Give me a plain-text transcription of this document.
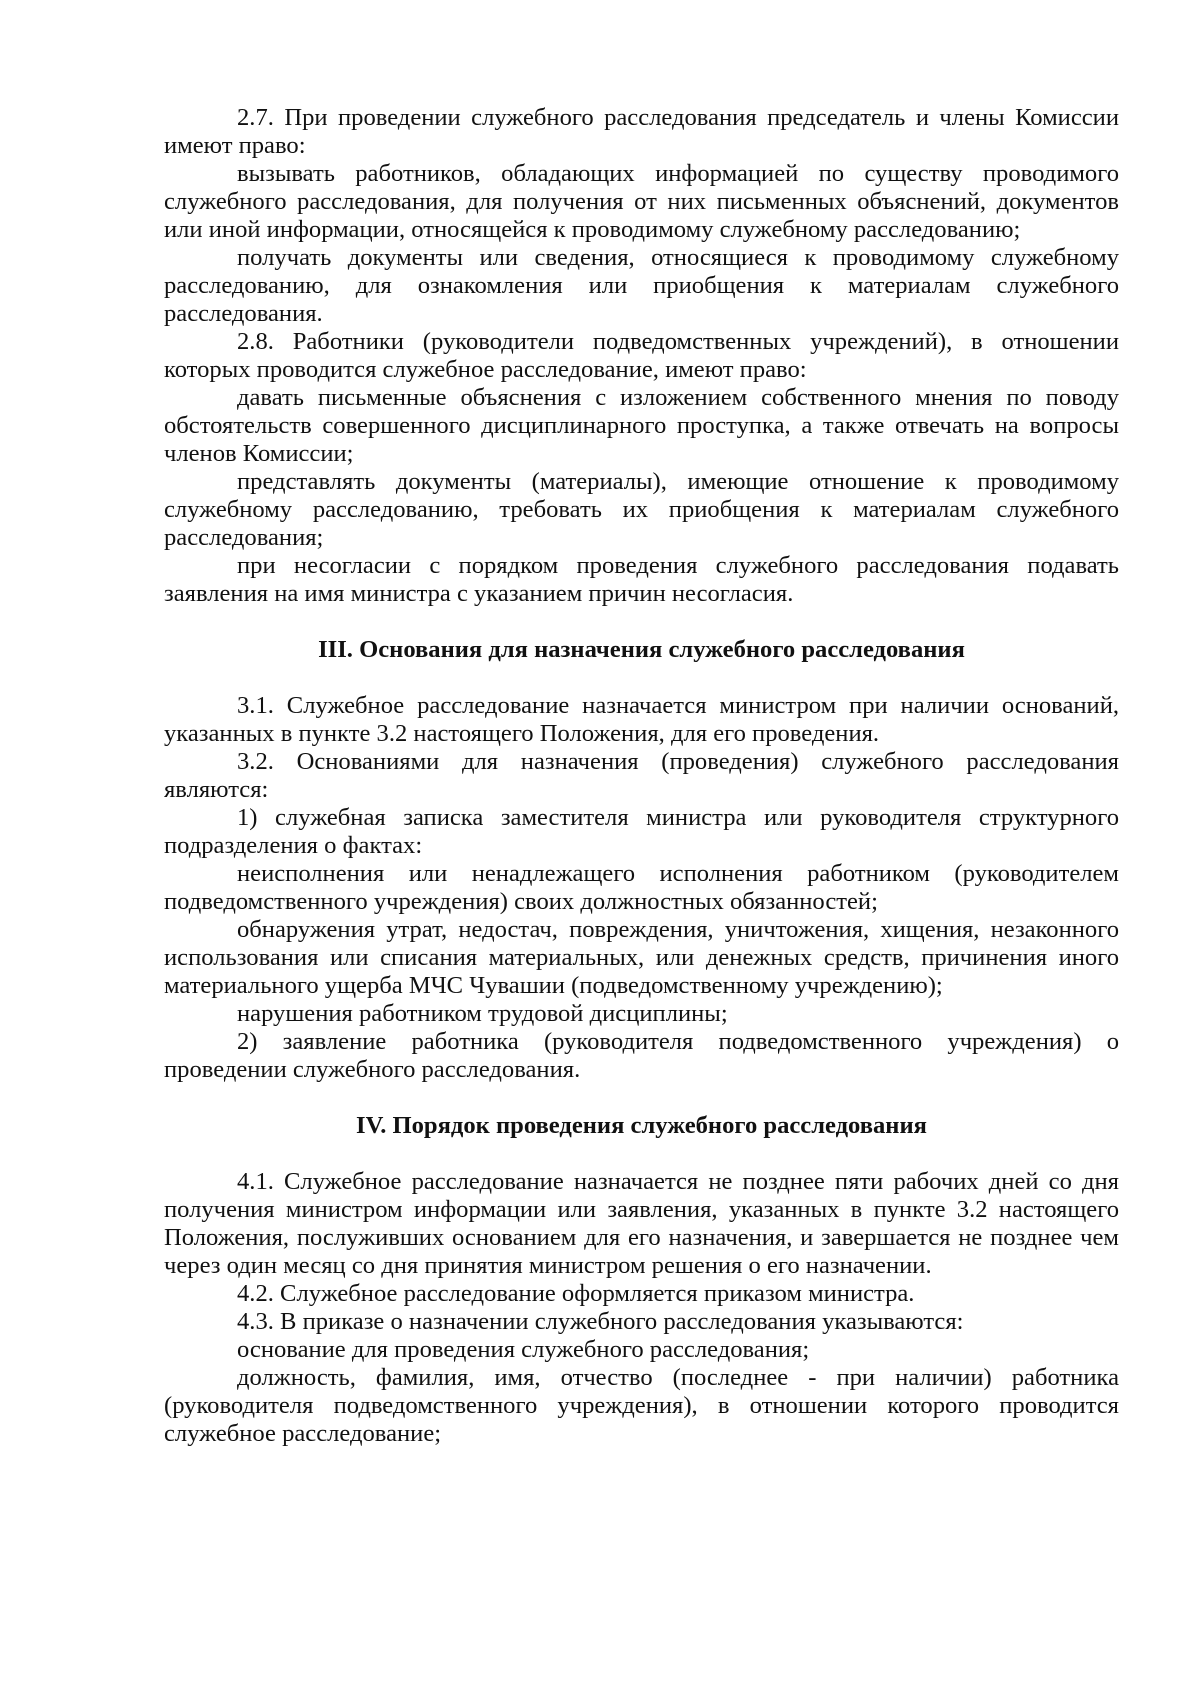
2.7. При проведении служебного расследования председатель и члены Комиссии имеют право:

вызывать работников, обладающих информацией по существу проводимого служебного расследования, для получения от них письменных объяснений, документов или иной информации, относящейся к проводимому служебному расследованию;

получать документы или сведения, относящиеся к проводимому служебному расследованию, для ознакомления или приобщения к материалам служебного расследования.

2.8. Работники (руководители подведомственных учреждений), в отношении которых проводится служебное расследование, имеют право:

давать письменные объяснения с изложением собственного мнения по поводу обстоятельств совершенного дисциплинарного проступка, а также отвечать на вопросы членов Комиссии;

представлять документы (материалы), имеющие отношение к проводимому служебному расследованию, требовать их приобщения к материалам служебного расследования;

при несогласии с порядком проведения служебного расследования подавать заявления на имя министра с указанием причин несогласия.

III. Основания для назначения служебного расследования

3.1. Служебное расследование назначается министром при наличии оснований, указанных в пункте 3.2 настоящего Положения, для его проведения.

3.2. Основаниями для назначения (проведения) служебного расследования являются:

1) служебная записка заместителя министра или руководителя структурного подразделения о фактах:

неисполнения или ненадлежащего исполнения работником (руководителем подведомственного учреждения) своих должностных обязанностей;

обнаружения утрат, недостач, повреждения, уничтожения, хищения, незаконного использования или списания материальных, или денежных средств, причинения иного материального ущерба МЧС Чувашии (подведомственному учреждению);

нарушения работником трудовой дисциплины;

2) заявление работника (руководителя подведомственного учреждения) о проведении служебного расследования.

IV. Порядок проведения служебного расследования

4.1. Служебное расследование назначается не позднее пяти рабочих дней со дня получения министром информации или заявления, указанных в пункте 3.2 настоящего Положения, послуживших основанием для его назначения, и завершается не позднее чем через один месяц со дня принятия министром решения о его назначении.

4.2. Служебное расследование оформляется приказом министра.

4.3. В приказе о назначении служебного расследования указываются:

основание для проведения служебного расследования;

должность, фамилия, имя, отчество (последнее - при наличии) работника (руководителя подведомственного учреждения), в отношении которого проводится служебное расследование;
